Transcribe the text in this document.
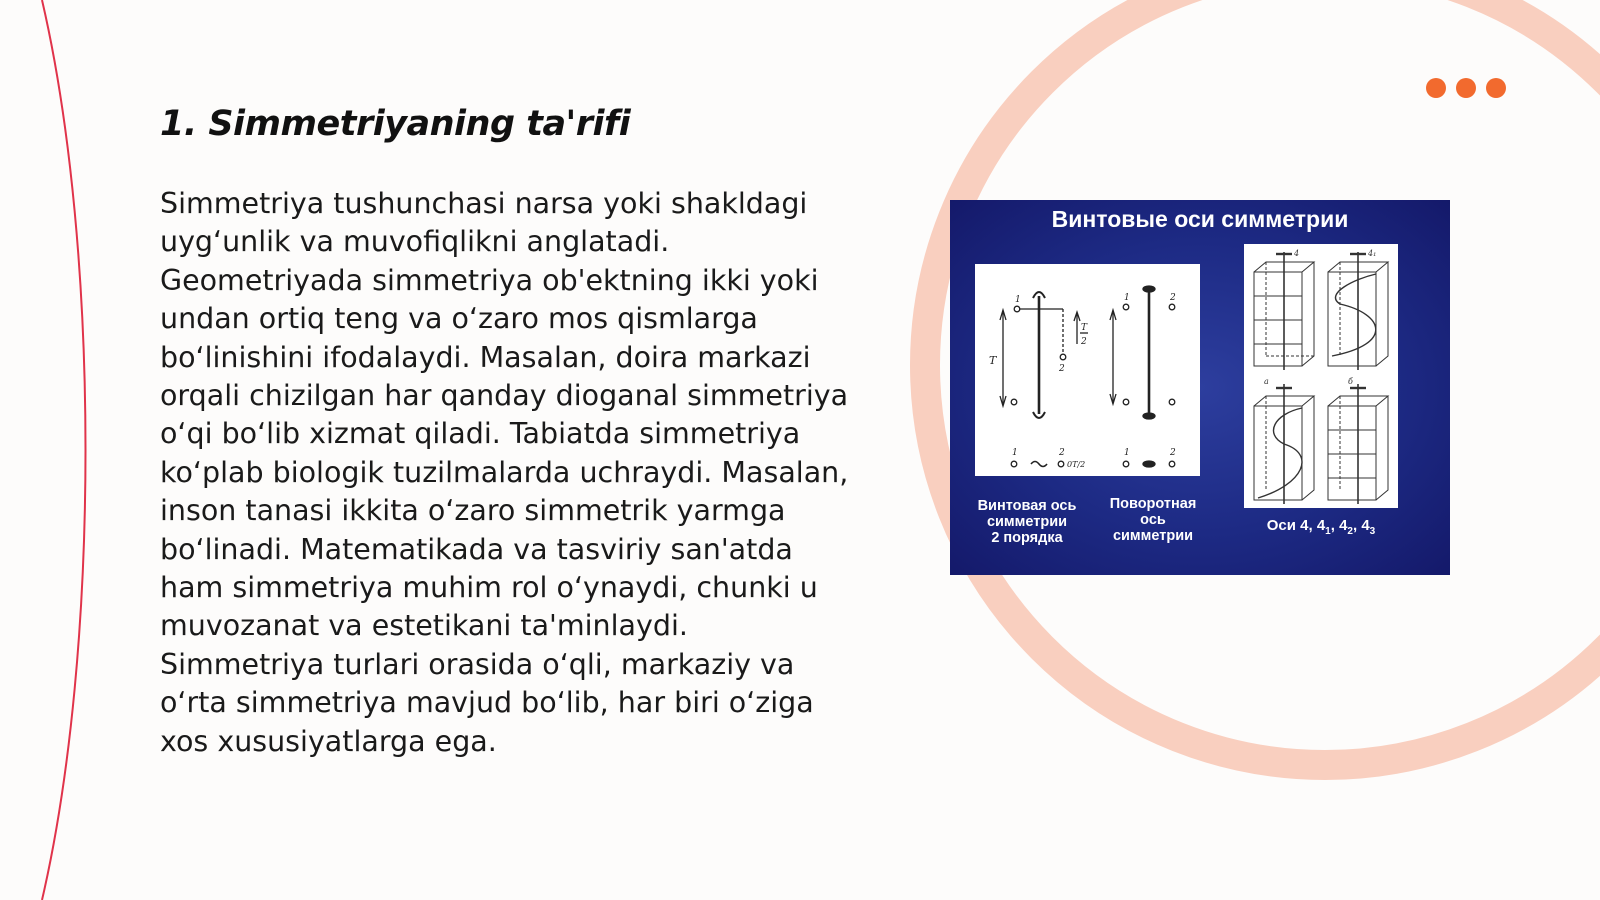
1. Simmetriyaning ta'rifi

Simmetriya tushunchasi narsa yoki shakldagi uygʻunlik va muvofiqlikni anglatadi. Geometriyada simmetriya ob'ektning ikki yoki undan ortiq teng va oʻzaro mos qismlarga boʻlinishini ifodalaydi. Masalan, doira markazi orqali chizilgan har qanday dioganal simmetriya oʻqi boʻlib xizmat qiladi. Tabiatda simmetriya koʻplab biologik tuzilmalarda uchraydi. Masalan, inson tanasi ikkita oʻzaro simmetrik yarmga boʻlinadi. Matematikada va tasviriy san'atda ham simmetriya muhim rol oʻynaydi, chunki u muvozanat va estetikani ta'minlaydi. Simmetriya turlari orasida oʻqli, markaziy va oʻrta simmetriya mavjud boʻlib, har biri oʻziga xos xususiyatlarga ega.

Винтовые оси симметрии
T
1
2
T
2
1	2
1	2
0T/2
1	2
4	4₁
a	б
Винтовая ось
симметрии
2 порядка
Поворотная
ось
симметрии
Оси 4, $4_1$, $4_2$, $4_3$
